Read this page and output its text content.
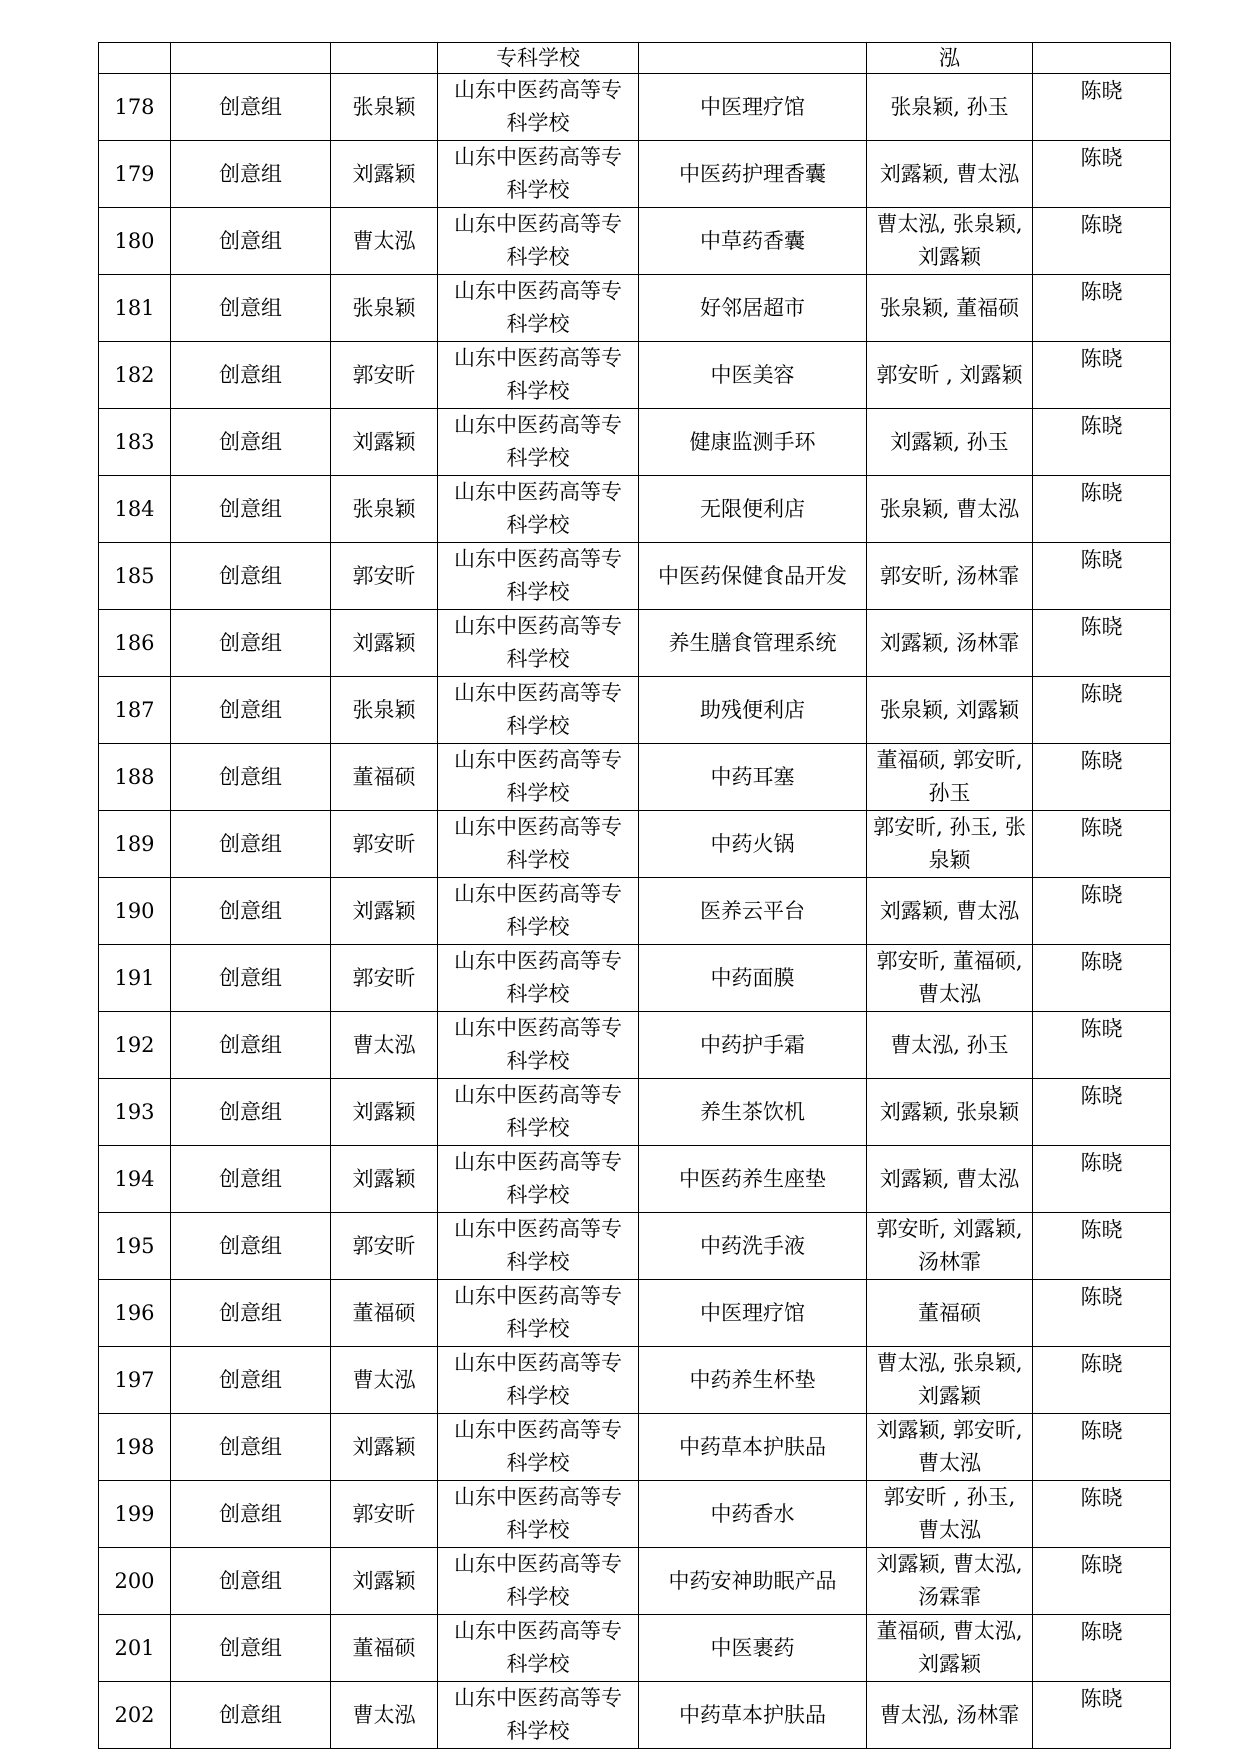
			专科学校		泓	
178	创意组	张泉颖	山东中医药高等专科学校	中医理疗馆	张泉颖, 孙玉	陈晓
179	创意组	刘露颖	山东中医药高等专科学校	中医药护理香囊	刘露颖, 曹太泓	陈晓
180	创意组	曹太泓	山东中医药高等专科学校	中草药香囊	曹太泓, 张泉颖, 刘露颖	陈晓
181	创意组	张泉颖	山东中医药高等专科学校	好邻居超市	张泉颖, 董福硕	陈晓
182	创意组	郭安昕	山东中医药高等专科学校	中医美容	郭安昕 , 刘露颖	陈晓
183	创意组	刘露颖	山东中医药高等专科学校	健康监测手环	刘露颖, 孙玉	陈晓
184	创意组	张泉颖	山东中医药高等专科学校	无限便利店	张泉颖, 曹太泓	陈晓
185	创意组	郭安昕	山东中医药高等专科学校	中医药保健食品开发	郭安昕, 汤林霏	陈晓
186	创意组	刘露颖	山东中医药高等专科学校	养生膳食管理系统	刘露颖, 汤林霏	陈晓
187	创意组	张泉颖	山东中医药高等专科学校	助残便利店	张泉颖, 刘露颖	陈晓
188	创意组	董福硕	山东中医药高等专科学校	中药耳塞	董福硕, 郭安昕, 孙玉	陈晓
189	创意组	郭安昕	山东中医药高等专科学校	中药火锅	郭安昕, 孙玉, 张泉颖	陈晓
190	创意组	刘露颖	山东中医药高等专科学校	医养云平台	刘露颖, 曹太泓	陈晓
191	创意组	郭安昕	山东中医药高等专科学校	中药面膜	郭安昕, 董福硕, 曹太泓	陈晓
192	创意组	曹太泓	山东中医药高等专科学校	中药护手霜	曹太泓, 孙玉	陈晓
193	创意组	刘露颖	山东中医药高等专科学校	养生茶饮机	刘露颖, 张泉颖	陈晓
194	创意组	刘露颖	山东中医药高等专科学校	中医药养生座垫	刘露颖, 曹太泓	陈晓
195	创意组	郭安昕	山东中医药高等专科学校	中药洗手液	郭安昕, 刘露颖, 汤林霏	陈晓
196	创意组	董福硕	山东中医药高等专科学校	中医理疗馆	董福硕	陈晓
197	创意组	曹太泓	山东中医药高等专科学校	中药养生杯垫	曹太泓, 张泉颖, 刘露颖	陈晓
198	创意组	刘露颖	山东中医药高等专科学校	中药草本护肤品	刘露颖, 郭安昕, 曹太泓	陈晓
199	创意组	郭安昕	山东中医药高等专科学校	中药香水	郭安昕 , 孙玉, 曹太泓	陈晓
200	创意组	刘露颖	山东中医药高等专科学校	中药安神助眠产品	刘露颖, 曹太泓, 汤霖霏	陈晓
201	创意组	董福硕	山东中医药高等专科学校	中医裹药	董福硕, 曹太泓, 刘露颖	陈晓
202	创意组	曹太泓	山东中医药高等专科学校	中药草本护肤品	曹太泓, 汤林霏	陈晓
